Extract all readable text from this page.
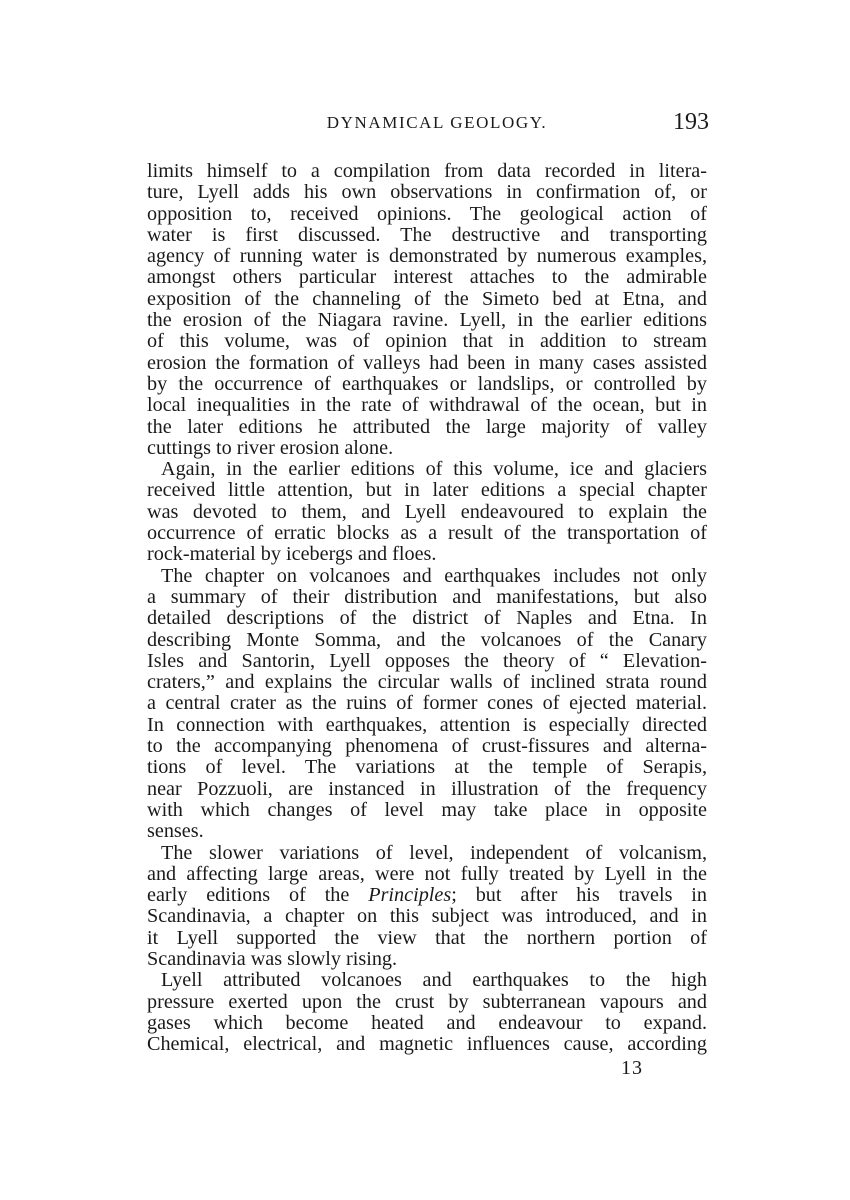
DYNAMICAL GEOLOGY.	193
limits himself to a compilation from data recorded in litera-
ture, Lyell adds his own observations in confirmation of, or
opposition to, received opinions. The geological action of
water is first discussed. The destructive and transporting
agency of running water is demonstrated by numerous examples,
amongst others particular interest attaches to the admirable
exposition of the channeling of the Simeto bed at Etna, and
the erosion of the Niagara ravine. Lyell, in the earlier editions
of this volume, was of opinion that in addition to stream
erosion the formation of valleys had been in many cases assisted
by the occurrence of earthquakes or landslips, or controlled by
local inequalities in the rate of withdrawal of the ocean, but in
the later editions he attributed the large majority of valley
cuttings to river erosion alone.
Again, in the earlier editions of this volume, ice and glaciers
received little attention, but in later editions a special chapter
was devoted to them, and Lyell endeavoured to explain the
occurrence of erratic blocks as a result of the transportation of
rock-material by icebergs and floes.
The chapter on volcanoes and earthquakes includes not only
a summary of their distribution and manifestations, but also
detailed descriptions of the district of Naples and Etna. In
describing Monte Somma, and the volcanoes of the Canary
Isles and Santorin, Lyell opposes the theory of “ Elevation-
craters,” and explains the circular walls of inclined strata round
a central crater as the ruins of former cones of ejected material.
In connection with earthquakes, attention is especially directed
to the accompanying phenomena of crust-fissures and alterna-
tions of level. The variations at the temple of Serapis,
near Pozzuoli, are instanced in illustration of the frequency
with which changes of level may take place in opposite
senses.
The slower variations of level, independent of volcanism,
and affecting large areas, were not fully treated by Lyell in the
early editions of the Principles; but after his travels in
Scandinavia, a chapter on this subject was introduced, and in
it Lyell supported the view that the northern portion of
Scandinavia was slowly rising.
Lyell attributed volcanoes and earthquakes to the high
pressure exerted upon the crust by subterranean vapours and
gases which become heated and endeavour to expand.
Chemical, electrical, and magnetic influences cause, according
13
